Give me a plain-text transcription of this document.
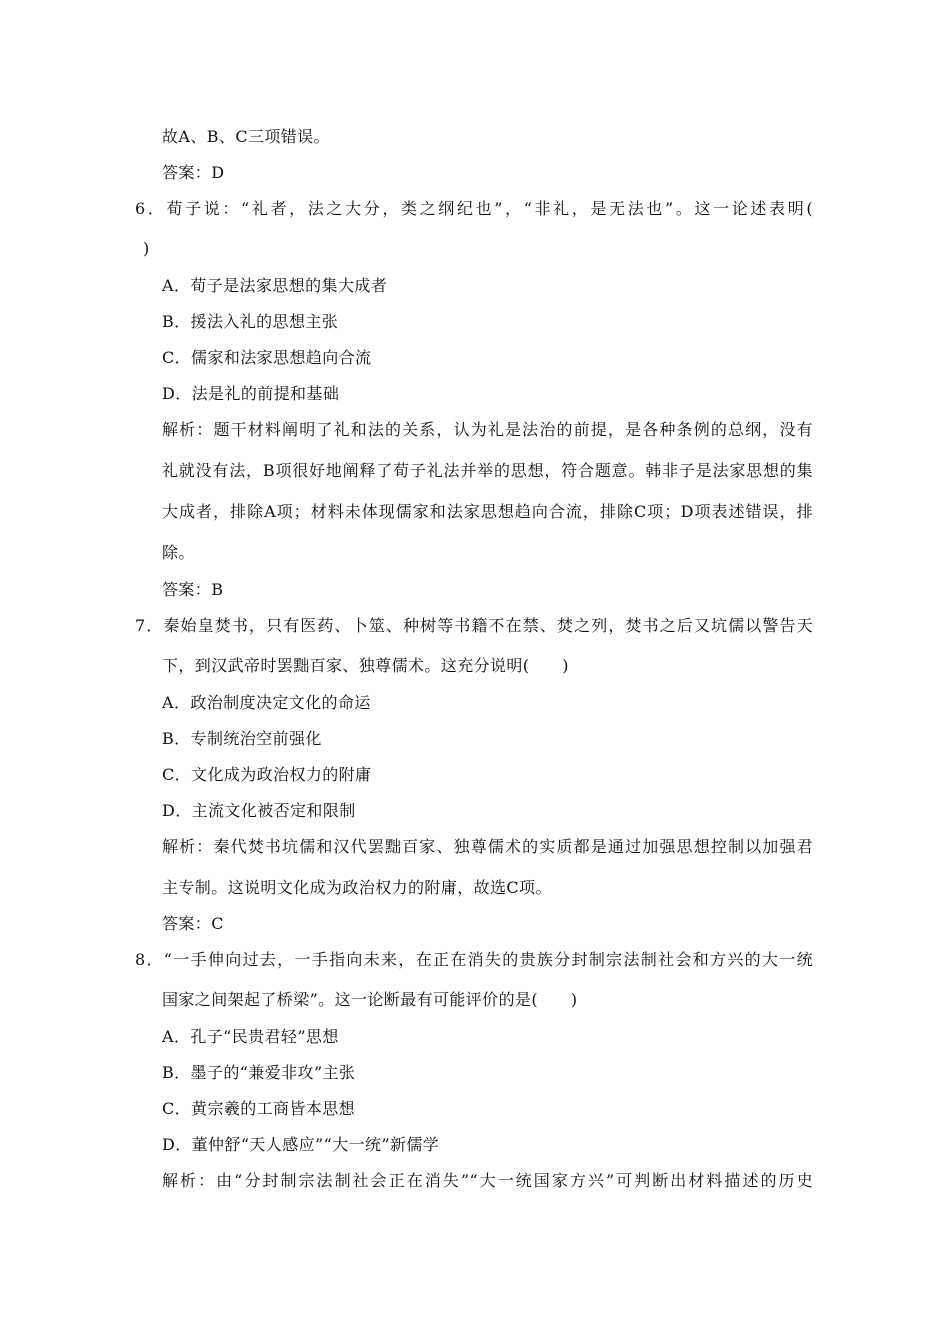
故A、B、C三项错误。
答案：D
6．荀子说：“礼者，法之大分，类之纲纪也”，“非礼，是无法也”。这一论述表明(
)
A．荀子是法家思想的集大成者
B．援法入礼的思想主张
C．儒家和法家思想趋向合流
D．法是礼的前提和基础
解析：题干材料阐明了礼和法的关系，认为礼是法治的前提，是各种条例的总纲，没有
礼就没有法，B项很好地阐释了荀子礼法并举的思想，符合题意。韩非子是法家思想的集
大成者，排除A项；材料未体现儒家和法家思想趋向合流，排除C项；D项表述错误，排
除。
答案：B
7．秦始皇焚书，只有医药、卜筮、种树等书籍不在禁、焚之列，焚书之后又坑儒以警告天
下，到汉武帝时罢黜百家、独尊儒术。这充分说明(　　)
A．政治制度决定文化的命运
B．专制统治空前强化
C．文化成为政治权力的附庸
D．主流文化被否定和限制
解析：秦代焚书坑儒和汉代罢黜百家、独尊儒术的实质都是通过加强思想控制以加强君
主专制。这说明文化成为政治权力的附庸，故选C项。
答案：C
8．“一手伸向过去，一手指向未来，在正在消失的贵族分封制宗法制社会和方兴的大一统
国家之间架起了桥梁”。这一论断最有可能评价的是(　　)
A．孔子“民贵君轻”思想
B．墨子的“兼爱非攻”主张
C．黄宗羲的工商皆本思想
D．董仲舒“天人感应”“大一统”新儒学
解析：由“分封制宗法制社会正在消失”“大一统国家方兴”可判断出材料描述的历史
